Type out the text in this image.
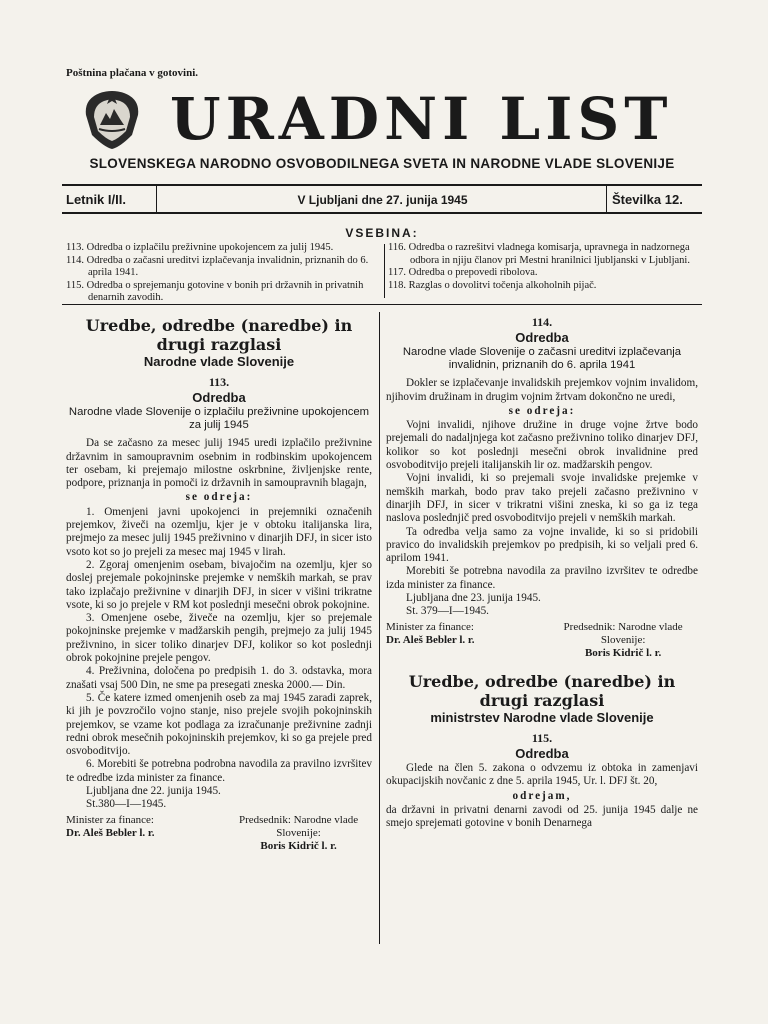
Poštnina plačana v gotovini.
URADNI LIST
SLOVENSKEGA NARODNO OSVOBODILNEGA SVETA IN NARODNE VLADE SLOVENIJE
Letnik I/II.	V Ljubljani dne 27. junija 1945	Številka 12.
VSEBINA:
113. Odredba o izplačilu preživnine upokojencem za julij 1945.
114. Odredba o začasni ureditvi izplačevanja invalidnin, priznanih do 6. aprila 1941.
115. Odredba o sprejemanju gotovine v bonih pri državnih in privatnih denarnih zavodih.
116. Odredba o razrešitvi vladnega komisarja, upravnega in nadzornega odbora in njiju članov pri Mestni hranilnici ljubljanski v Ljubljani.
117. Odredba o prepovedi ribolova.
118. Razglas o dovolitvi točenja alkoholnih pijač.
Uredbe, odredbe (naredbe) in drugi razglasi
Narodne vlade Slovenije
113.
Odredba
Narodne vlade Slovenije o izplačilu preživnine upokojencem za julij 1945

Da se začasno za mesec julij 1945 uredi izplačilo preživnine državnim in samoupravnim osebnim in rodbinskim upokojencem ter osebam, ki prejemajo milostne oskrbnine, življenjske rente, podpore, priznanja in pomoči iz državnih in samoupravnih blagajn,

se odreja:

1. Omenjeni javni upokojenci in prejemniki označenih prejemkov, živeči na ozemlju, kjer je v obtoku italijanska lira, prejmejo za mesec julij 1945 preživnino v dinarjih DFJ, in sicer isto vsoto kot so jo prejeli za mesec maj 1945 v lirah.

2. Zgoraj omenjenim osebam, bivajočim na ozemlju, kjer so doslej prejemale pokojninske prejemke v nemških markah, se prav tako izplačajo preživnine v dinarjih DFJ, in sicer v višini trikratne vsote, ki so jo prejele v RM kot poslednji mesečni obrok pokojnine.

3. Omenjene osebe, živeče na ozemlju, kjer so prejemale pokojninske prejemke v madžarskih pengih, prejmejo za julij 1945 preživnino, in sicer toliko dinarjev DFJ, kolikor so kot poslednji obrok pokojnine prejele pengov.

4. Preživnina, določena po predpisih 1. do 3. odstavka, mora znašati vsaj 500 Din, ne sme pa presegati zneska 2000.— Din.

5. Če katere izmed omenjenih oseb za maj 1945 zaradi zaprek, ki jih je povzročilo vojno stanje, niso prejele svojih pokojninskih prejemkov, se vzame kot podlaga za izračunanje preživnine zadnji redni obrok mesečnih pokojninskih prejemkov, ki so ga prejele pred osvoboditvijo.

6. Morebiti še potrebna podrobna navodila za pravilno izvršitev te odredbe izda minister za finance.

Ljubljana dne 22. junija 1945.

St.380—I—1945.

Minister za finance:
Dr. Aleš Bebler l. r.
Predsednik: Narodne vlade Slovenije:
Boris Kidrič l. r.
114.
Odredba
Narodne vlade Slovenije o začasni ureditvi izplačevanja invalidnin, priznanih do 6. aprila 1941

Dokler se izplačevanje invalidskih prejemkov vojnim invalidom, njihovim družinam in drugim vojnim žrtvam dokončno ne uredi,

se odreja:

Vojni invalidi, njihove družine in druge vojne žrtve bodo prejemali do nadaljnjega kot začasno preživnino toliko dinarjev DFJ, kolikor so kot poslednji mesečni obrok invalidnine pred osvoboditvijo prejeli italijanskih lir oz. madžarskih pengov.

Vojni invalidi, ki so prejemali svoje invalidske prejemke v nemških markah, bodo prav tako prejeli začasno preživnino v dinarjih DFJ, in sicer v trikratni višini zneska, ki so ga iz tega naslova poslednjič pred osvoboditvijo prejeli v nemških markah.

Ta odredba velja samo za vojne invalide, ki so si pridobili pravico do invalidskih prejemkov po predpisih, ki so veljali pred 6. aprilom 1941.

Morebiti še potrebna navodila za pravilno izvršitev te odredbe izda minister za finance.

Ljubljana dne 23. junija 1945.

St. 379—I—1945.

Minister za finance:
Dr. Aleš Bebler l. r.
Predsednik: Narodne vlade Slovenije:
Boris Kidrič l. r.
Uredbe, odredbe (naredbe) in drugi razglasi
ministrstev Narodne vlade Slovenije
115.
Odredba

Glede na člen 5. zakona o odvzemu iz obtoka in zamenjavi okupacijskih novčanic z dne 5. aprila 1945, Ur. l. DFJ št. 20,

odrejam,

da državni in privatni denarni zavodi od 25. junija 1945 dalje ne smejo sprejemati gotovine v bonih Denarnega
